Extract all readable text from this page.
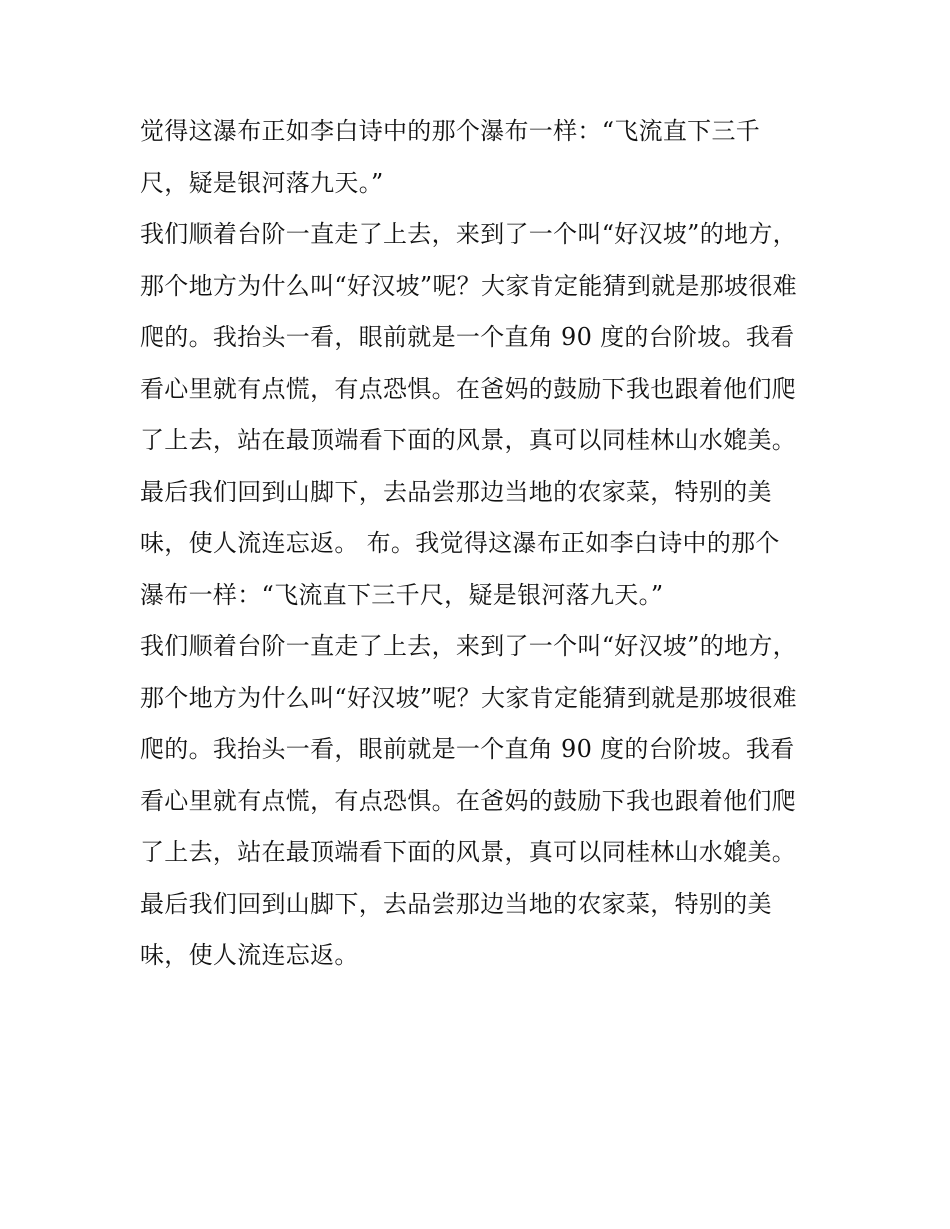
觉得这瀑布正如李白诗中的那个瀑布一样：“飞流直下三千
尺，疑是银河落九天。”
我们顺着台阶一直走了上去，来到了一个叫“好汉坡”的地方，
那个地方为什么叫“好汉坡”呢？大家肯定能猜到就是那坡很难
爬的。我抬头一看，眼前就是一个直角 90 度的台阶坡。我看
看心里就有点慌，有点恐惧。在爸妈的鼓励下我也跟着他们爬
了上去，站在最顶端看下面的风景，真可以同桂林山水媲美。
最后我们回到山脚下，去品尝那边当地的农家菜，特别的美
味，使人流连忘返。 布。我觉得这瀑布正如李白诗中的那个
瀑布一样：“飞流直下三千尺，疑是银河落九天。”
我们顺着台阶一直走了上去，来到了一个叫“好汉坡”的地方，
那个地方为什么叫“好汉坡”呢？大家肯定能猜到就是那坡很难
爬的。我抬头一看，眼前就是一个直角 90 度的台阶坡。我看
看心里就有点慌，有点恐惧。在爸妈的鼓励下我也跟着他们爬
了上去，站在最顶端看下面的风景，真可以同桂林山水媲美。
最后我们回到山脚下，去品尝那边当地的农家菜，特别的美
味，使人流连忘返。
